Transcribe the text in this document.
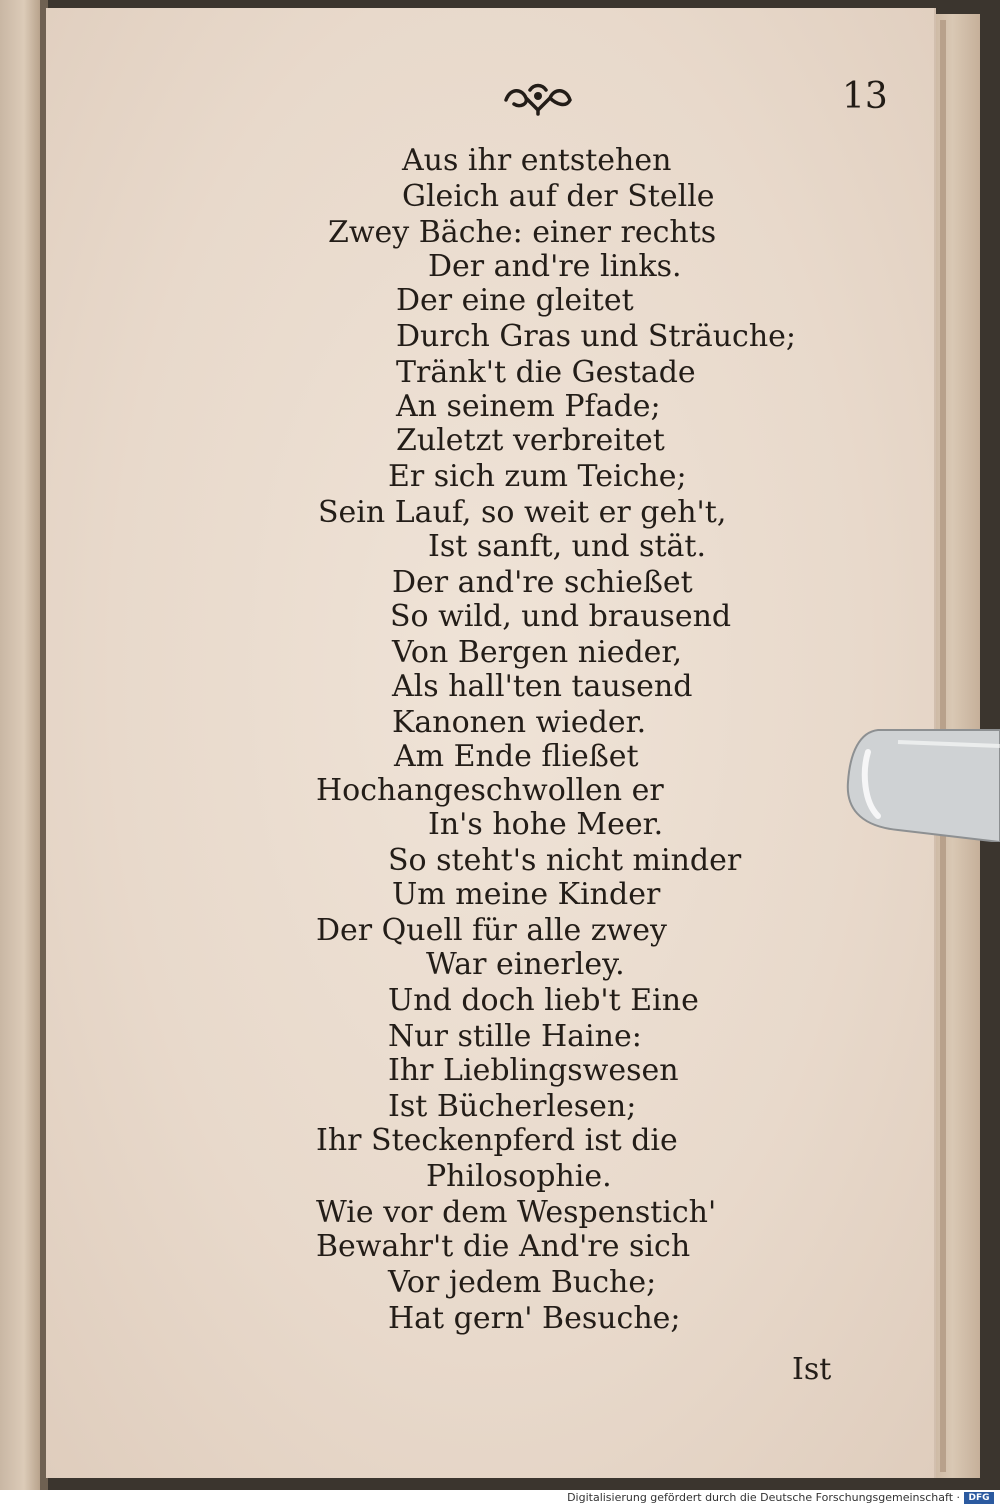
13
Aus ihr entstehen
Gleich auf der Stelle
Zwey Bäche: einer rechts
Der and're links.
Der eine gleitet
Durch Gras und Sträuche;
Tränk't die Gestade
An seinem Pfade;
Zuletzt verbreitet
Er sich zum Teiche;
Sein Lauf, so weit er geh't,
Ist sanft, und stät.
Der and're schießet
So wild, und brausend
Von Bergen nieder,
Als hall'ten tausend
Kanonen wieder.
Am Ende fließet
Hochangeschwollen er
In's hohe Meer.
So steht's nicht minder
Um meine Kinder
Der Quell für alle zwey
War einerley.
Und doch lieb't Eine
Nur stille Haine:
Ihr Lieblingswesen
Ist Bücherlesen;
Ihr Steckenpferd ist die
Philosophie.
Wie vor dem Wespenstich'
Bewahr't die And're sich
Vor jedem Buche;
Hat gern' Besuche;
Ist
Digitalisierung gefördert durch die Deutsche Forschungsgemeinschaft · DFG
